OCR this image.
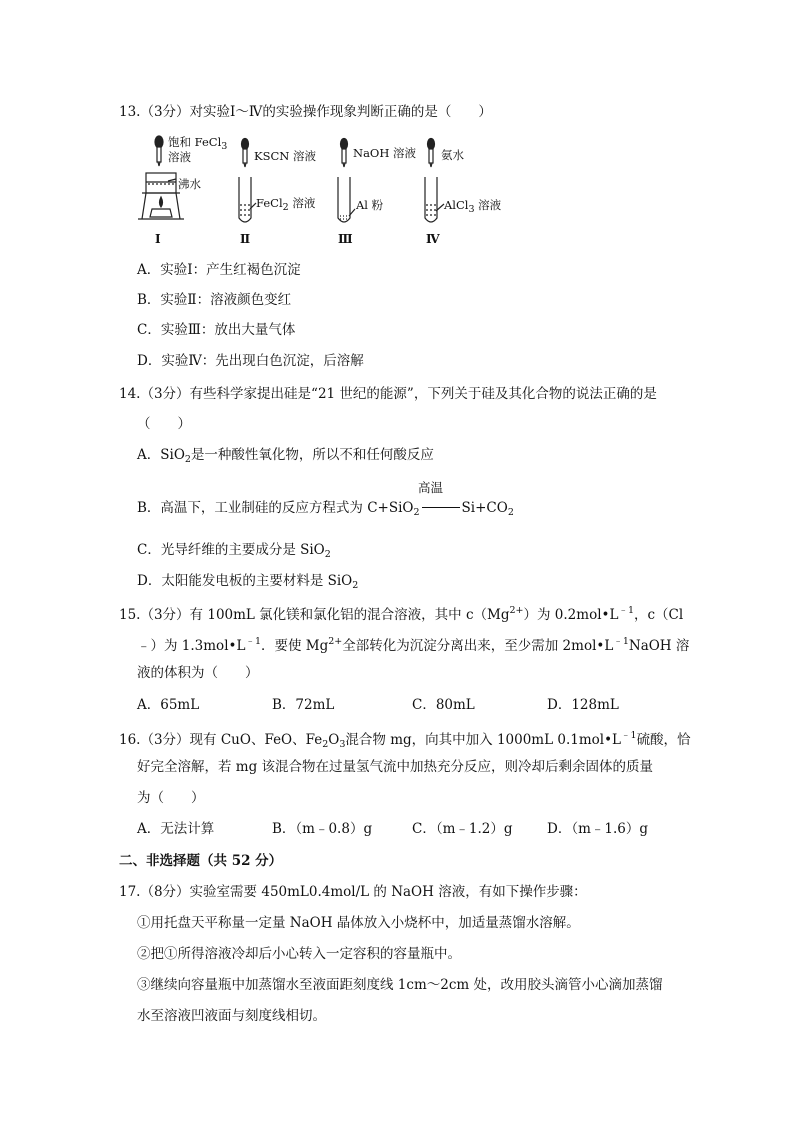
13.（3分）对实验Ⅰ～Ⅳ的实验操作现象判断正确的是（　　）
饱和 FeCl$_3$
溶液
沸水
KSCN 溶液
FeCl$_2$ 溶液
NaOH 溶液
Al 粉
氨水
AlCl$_3$ 溶液
Ⅰ	Ⅱ	Ⅲ	Ⅳ
A．实验Ⅰ：产生红褐色沉淀
B．实验Ⅱ：溶液颜色变红
C．实验Ⅲ：放出大量气体
D．实验Ⅳ：先出现白色沉淀，后溶解
14.（3分）有些科学家提出硅是“21 世纪的能源”，下列关于硅及其化合物的说法正确的是
（　　）
A．SiO$_2$是一种酸性氧化物，所以不和任何酸反应
高温
B．高温下，工业制硅的反应方程式为 C+SiO$_2$	$Si+CO_2$
C．光导纤维的主要成分是 SiO$_2$
D．太阳能发电板的主要材料是 SiO$_2$
15.（3分）有 100mL 氯化镁和氯化铝的混合溶液，其中 $c(Mg^{2+})$为 $0.2mol•L^{﹣1}$，c（Cl
﹣）为 $1.3mol•L^{﹣1}$．要使 $Mg^{2+}$全部转化为沉淀分离出来，至少需加 $2mol•L^{﹣1}NaOH$ 溶
液的体积为（　　）
A．65mL	B．72mL	C．80mL	D．128mL
16.（3分）现有 CuO、FeO、$Fe_2O_3$混合物 mg，向其中加入 1000mL $0.1mol•L^{﹣1}$硫酸，恰
好完全溶解，若 mg 该混合物在过量氢气流中加热充分反应，则冷却后剩余固体的质量
为（　　）
A．无法计算	B．（m﹣0.8）g	C．（m﹣1.2）g	D．（m﹣1.6）g
二、非选择题（共 52 分）
17.（8分）实验室需要 450mL0.4mol/L 的 NaOH 溶液，有如下操作步骤：
①用托盘天平称量一定量 NaOH 晶体放入小烧杯中，加适量蒸馏水溶解。
②把①所得溶液冷却后小心转入一定容积的容量瓶中。
③继续向容量瓶中加蒸馏水至液面距刻度线 1cm～2cm 处，改用胶头滴管小心滴加蒸馏
水至溶液凹液面与刻度线相切。
